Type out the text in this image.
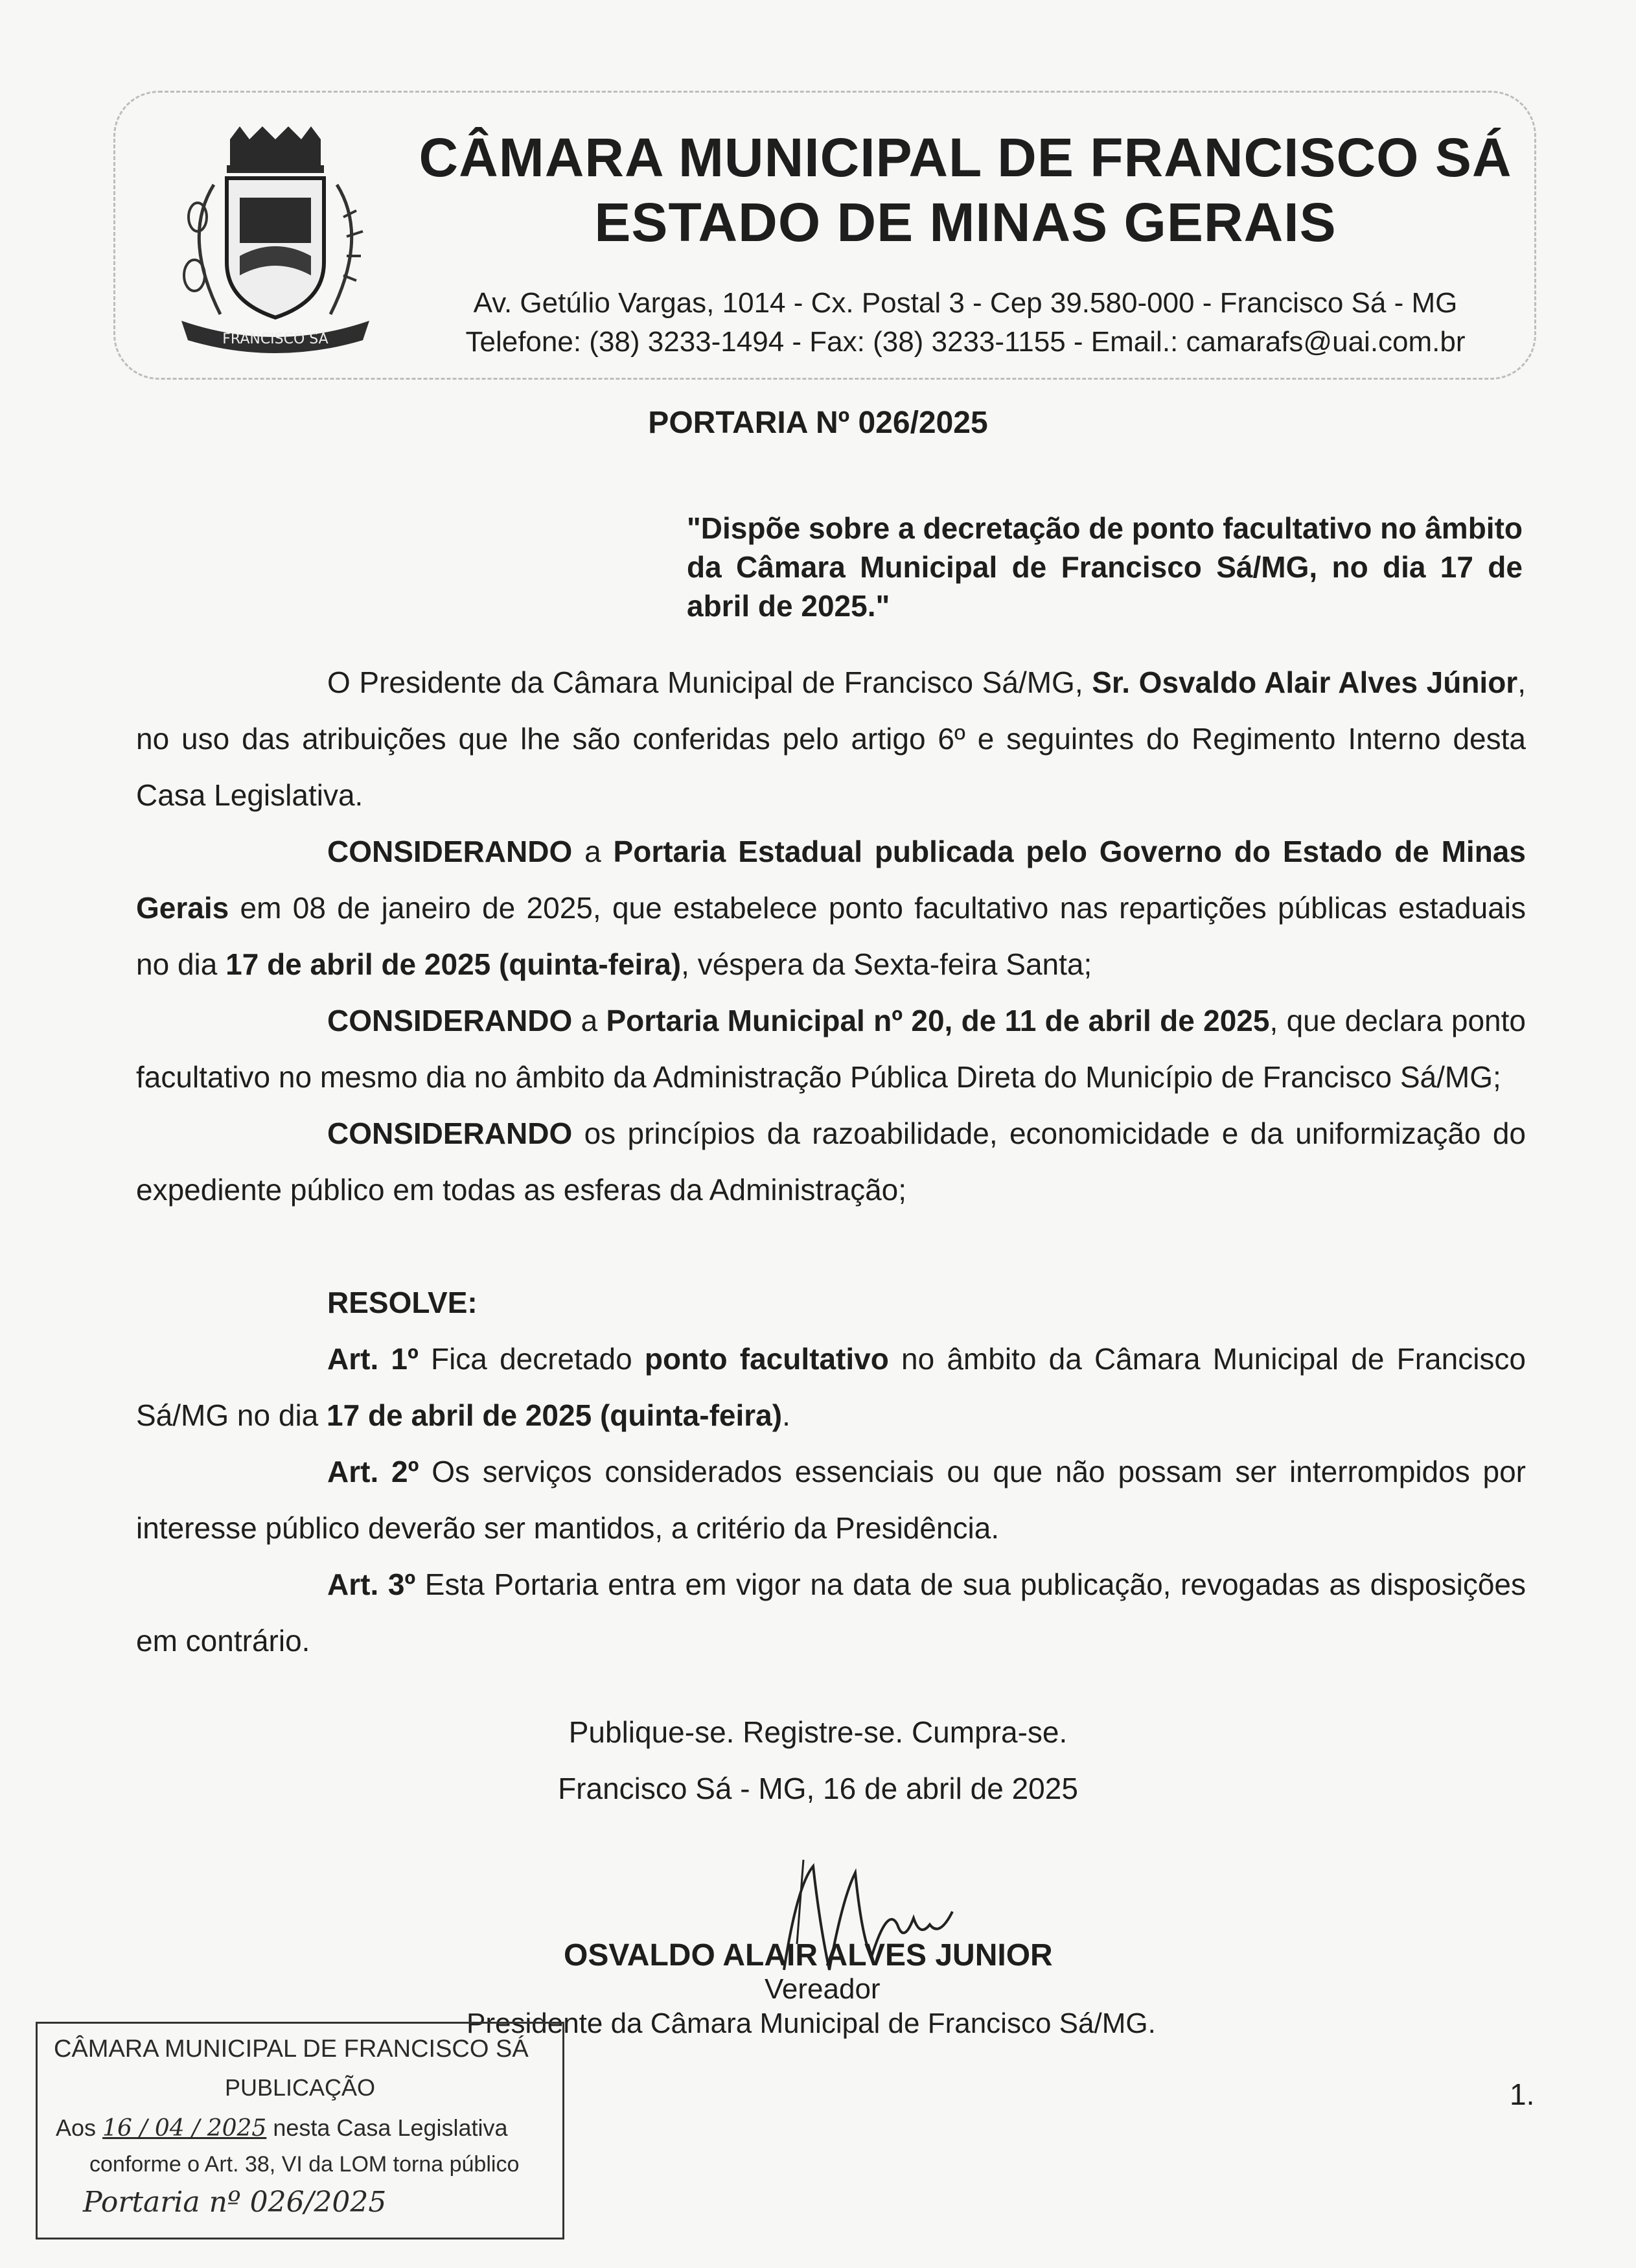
FRANCISCO SÁ
CÂMARA MUNICIPAL DE FRANCISCO SÁ
ESTADO DE MINAS GERAIS
Av. Getúlio Vargas, 1014 - Cx. Postal 3 - Cep 39.580-000 - Francisco Sá - MG
Telefone: (38) 3233-1494 - Fax: (38) 3233-1155 - Email.: camarafs@uai.com.br
PORTARIA Nº 026/2025
"Dispõe sobre a decretação de ponto facultativo no âmbito da Câmara Municipal de Francisco Sá/MG, no dia 17 de abril de 2025."

O Presidente da Câmara Municipal de Francisco Sá/MG, Sr. Osvaldo Alair Alves Júnior, no uso das atribuições que lhe são conferidas pelo artigo 6º e seguintes do Regimento Interno desta Casa Legislativa.

CONSIDERANDO a Portaria Estadual publicada pelo Governo do Estado de Minas Gerais em 08 de janeiro de 2025, que estabelece ponto facultativo nas repartições públicas estaduais no dia 17 de abril de 2025 (quinta-feira), véspera da Sexta-feira Santa;

CONSIDERANDO a Portaria Municipal nº 20, de 11 de abril de 2025, que declara ponto facultativo no mesmo dia no âmbito da Administração Pública Direta do Município de Francisco Sá/MG;

CONSIDERANDO os princípios da razoabilidade, economicidade e da uniformização do expediente público em todas as esferas da Administração;

RESOLVE:

Art. 1º Fica decretado ponto facultativo no âmbito da Câmara Municipal de Francisco Sá/MG no dia 17 de abril de 2025 (quinta-feira).

Art. 2º Os serviços considerados essenciais ou que não possam ser interrompidos por interesse público deverão ser mantidos, a critério da Presidência.

Art. 3º Esta Portaria entra em vigor na data de sua publicação, revogadas as disposições em contrário.

Publique-se. Registre-se. Cumpra-se.
Francisco Sá - MG, 16 de abril de 2025
OSVALDO ALAIR ALVES JUNIOR
Vereador
Presidente da Câmara Municipal de Francisco Sá/MG.
CÂMARA MUNICIPAL DE FRANCISCO SÁ
PUBLICAÇÃO
Aos 16 / 04 / 2025 nesta Casa Legislativa
conforme o Art. 38, VI da LOM torna público
Portaria nº 026/2025
1.
